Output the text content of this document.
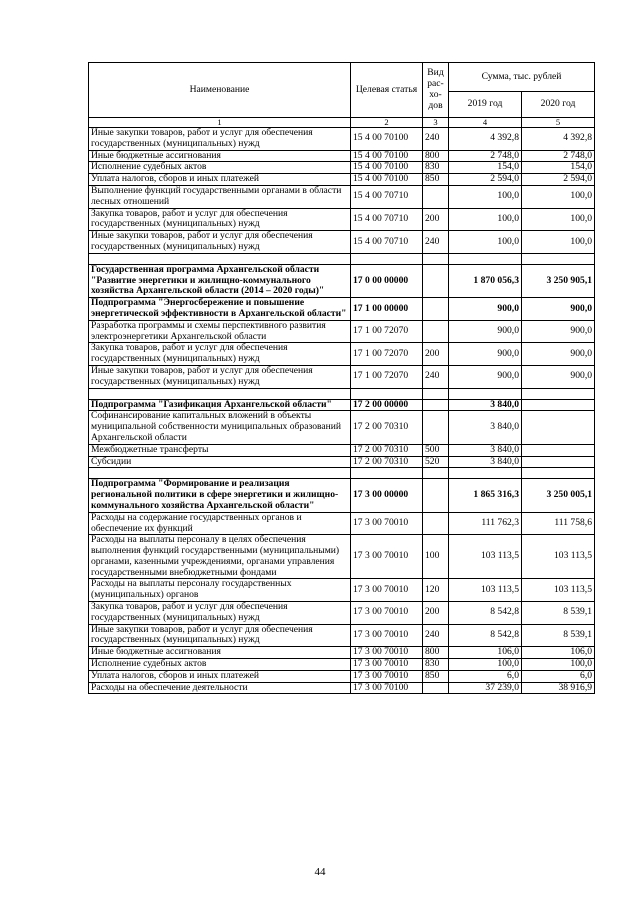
Наименование	Целевая статья	Вид рас-хо-дов	Сумма, тыс. рублей	
			2019 год	2020 год
1	2	3	4	5
Иные закупки товаров, работ и услуг для обеспечения государственных (муниципальных) нужд	15 4 00 70100	240	4 392,8	4 392,8
Иные бюджетные ассигнования	15 4 00 70100	800	2 748,0	2 748,0
Исполнение судебных актов	15 4 00 70100	830	154,0	154,0
Уплата налогов, сборов и иных платежей	15 4 00 70100	850	2 594,0	2 594,0
Выполнение функций государственными органами в области лесных отношений	15 4 00 70710		100,0	100,0
Закупка товаров, работ и услуг для обеспечения государственных (муниципальных) нужд	15 4 00 70710	200	100,0	100,0
Иные закупки товаров, работ и услуг для обеспечения государственных (муниципальных) нужд	15 4 00 70710	240	100,0	100,0

Государственная программа Архангельской области "Развитие энергетики и жилищно-коммунального хозяйства Архангельской области (2014 – 2020 годы)"	17 0 00 00000		1 870 056,3	3 250 905,1
Подпрограмма "Энергосбережение и повышение энергетической эффективности в Архангельской области"	17 1 00 00000		900,0	900,0
Разработка программы и схемы перспективного развития электроэнергетики Архангельской области	17 1 00 72070		900,0	900,0
Закупка товаров, работ и услуг для обеспечения государственных (муниципальных) нужд	17 1 00 72070	200	900,0	900,0
Иные закупки товаров, работ и услуг для обеспечения государственных (муниципальных) нужд	17 1 00 72070	240	900,0	900,0

Подпрограмма "Газификация Архангельской области"	17 2 00 00000		3 840,0	
Софинансирование капитальных вложений в объекты муниципальной собственности муниципальных образований Архангельской области	17 2 00 70310		3 840,0	
Межбюджетные трансферты	17 2 00 70310	500	3 840,0	
Субсидии	17 2 00 70310	520	3 840,0	

Подпрограмма "Формирование и реализация региональной политики в сфере энергетики и жилищно-коммунального хозяйства Архангельской области"	17 3 00 00000		1 865 316,3	3 250 005,1
Расходы на содержание государственных органов и обеспечение их функций	17 3 00 70010		111 762,3	111 758,6
Расходы на выплаты персоналу в целях обеспечения выполнения функций государственными (муниципальными) органами, казенными учреждениями, органами управления государственными внебюджетными фондами	17 3 00 70010	100	103 113,5	103 113,5
Расходы на выплаты персоналу государственных (муниципальных) органов	17 3 00 70010	120	103 113,5	103 113,5
Закупка товаров, работ и услуг для обеспечения государственных (муниципальных) нужд	17 3 00 70010	200	8 542,8	8 539,1
Иные закупки товаров, работ и услуг для обеспечения государственных (муниципальных) нужд	17 3 00 70010	240	8 542,8	8 539,1
Иные бюджетные ассигнования	17 3 00 70010	800	106,0	106,0
Исполнение судебных актов	17 3 00 70010	830	100,0	100,0
Уплата налогов, сборов и иных платежей	17 3 00 70010	850	6,0	6,0
Расходы на обеспечение деятельности	17 3 00 70100		37 239,0	38 916,9
44
